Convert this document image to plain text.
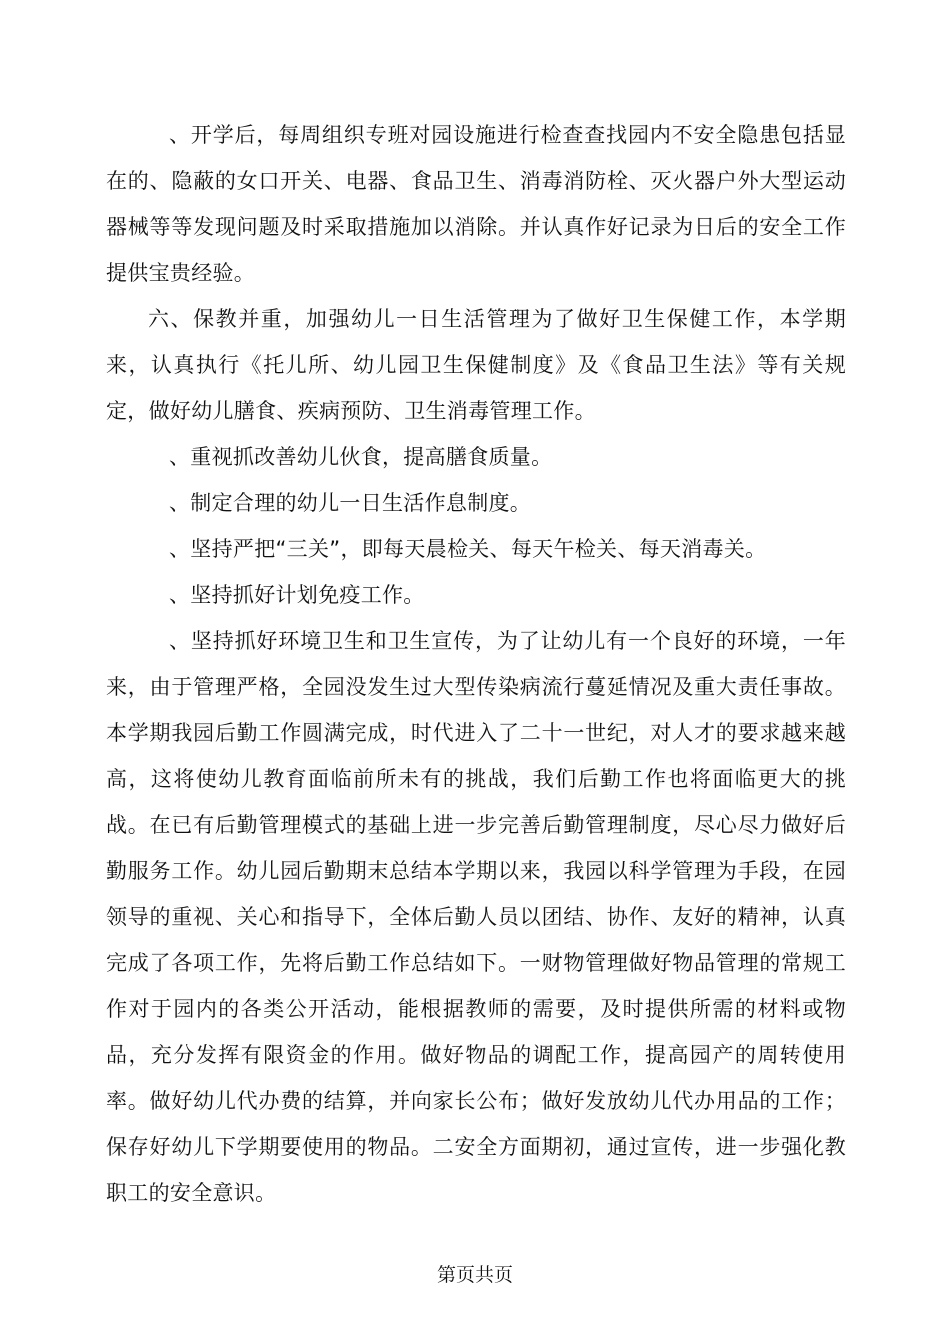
、开学后，每周组织专班对园设施进行检查查找园内不安全隐患包括显在的、隐蔽的女口开关、电器、食品卫生、消毒消防栓、灭火器户外大型运动器械等等发现问题及时采取措施加以消除。并认真作好记录为日后的安全工作提供宝贵经验。

六、保教并重，加强幼儿一日生活管理为了做好卫生保健工作，本学期来，认真执行《托儿所、幼儿园卫生保健制度》及《食品卫生法》等有关规定，做好幼儿膳食、疾病预防、卫生消毒管理工作。

、重视抓改善幼儿伙食，提高膳食质量。

、制定合理的幼儿一日生活作息制度。

、坚持严把“三关”，即每天晨检关、每天午检关、每天消毒关。

、坚持抓好计划免疫工作。

、坚持抓好环境卫生和卫生宣传，为了让幼儿有一个良好的环境，一年来，由于管理严格，全园没发生过大型传染病流行蔓延情况及重大责任事故。本学期我园后勤工作圆满完成，时代进入了二十一世纪，对人才的要求越来越高，这将使幼儿教育面临前所未有的挑战，我们后勤工作也将面临更大的挑战。在已有后勤管理模式的基础上进一步完善后勤管理制度，尽心尽力做好后勤服务工作。幼儿园后勤期末总结本学期以来，我园以科学管理为手段，在园领导的重视、关心和指导下，全体后勤人员以团结、协作、友好的精神，认真完成了各项工作，先将后勤工作总结如下。一财物管理做好物品管理的常规工作对于园内的各类公开活动，能根据教师的需要，及时提供所需的材料或物品，充分发挥有限资金的作用。做好物品的调配工作，提高园产的周转使用率。做好幼儿代办费的结算，并向家长公布；做好发放幼儿代办用品的工作；保存好幼儿下学期要使用的物品。二安全方面期初，通过宣传，进一步强化教职工的安全意识。

第页共页
